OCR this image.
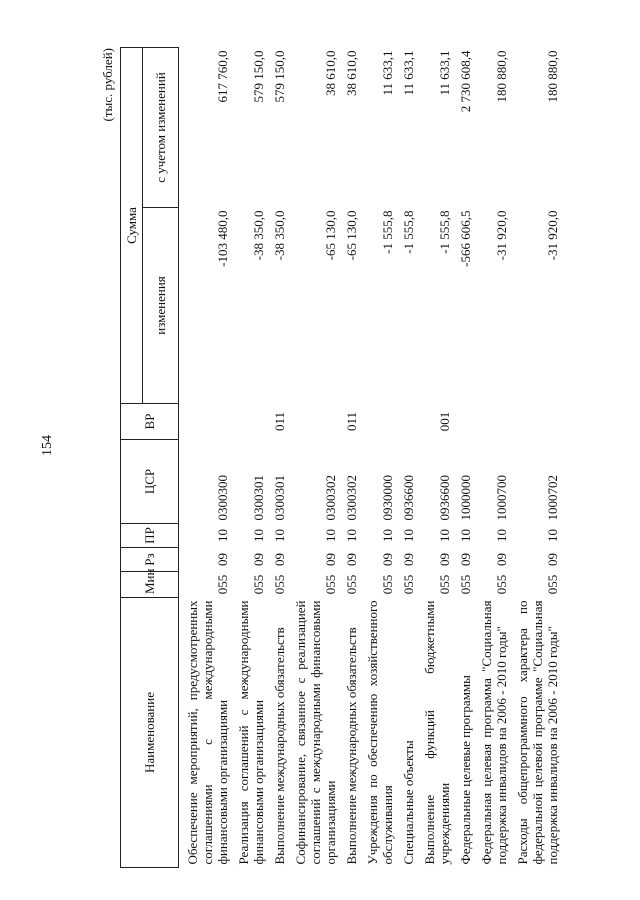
154
(тыс. рублей)
Наименование	Мин	Рз	ПР	ЦСР	ВР	Сумма	
						изменения	с учетом изменений
Обеспечение мероприятий, предусмотренных соглашениями с международными финансовыми организациями	055	09	10	0300300		-103 480,0	617 760,0
Реализация соглашений с международными финансовыми организациями	055	09	10	0300301		-38 350,0	579 150,0
Выполнение международных обязательств	055	09	10	0300301	011	-38 350,0	579 150,0
Софинансирование, связанное с реализацией соглашений с международными финансовыми организациями	055	09	10	0300302		-65 130,0	38 610,0
Выполнение международных обязательств	055	09	10	0300302	011	-65 130,0	38 610,0
Учреждения по обеспечению хозяйственного обслуживания	055	09	10	0930000		-1 555,8	11 633,1
Специальные объекты	055	09	10	0936600		-1 555,8	11 633,1
Выполнение функций бюджетными учреждениями	055	09	10	0936600	001	-1 555,8	11 633,1
Федеральные целевые программы	055	09	10	1000000		-566 606,5	2 730 608,4
Федеральная целевая программа "Социальная поддержка инвалидов на 2006 - 2010 годы"	055	09	10	1000700		-31 920,0	180 880,0
Расходы общепрограммного характера по федеральной целевой программе "Социальная поддержка инвалидов на 2006 - 2010 годы"	055	09	10	1000702		-31 920,0	180 880,0
